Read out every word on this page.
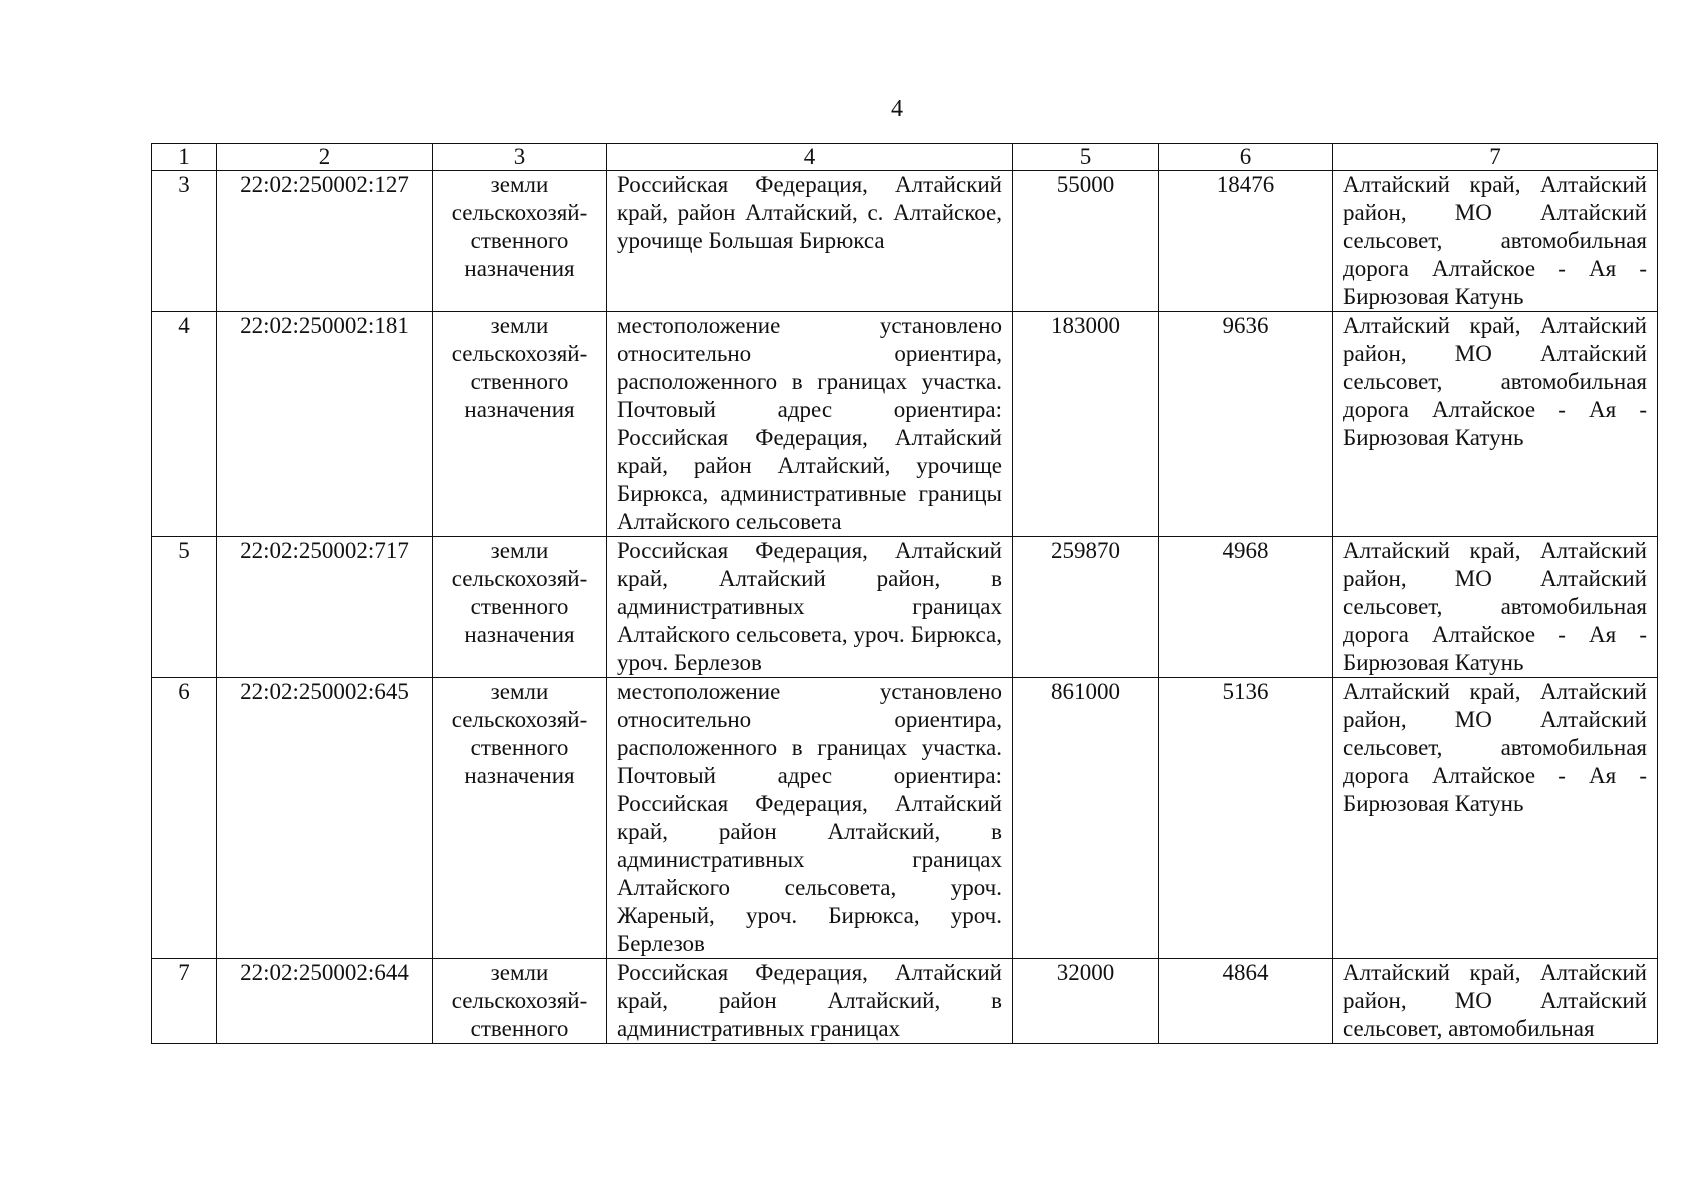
4
1	2	3	4	5	6	7
3	22:02:250002:127	земли сельскохозяй-ственного назначения	Российская Федерация, Алтайский край, район Алтайский, с. Алтайское, урочище Большая Бирюкса	55000	18476	Алтайский край, Алтайский район, МО Алтайский сельсовет, автомобильная дорога Алтайское - Ая - Бирюзовая Катунь
4	22:02:250002:181	земли сельскохозяй-ственного назначения	местоположение установлено относительно ориентира, расположенного в границах участка. Почтовый адрес ориентира: Российская Федерация, Алтайский край, район Алтайский, урочище Бирюкса, административные границы Алтайского сельсовета	183000	9636	Алтайский край, Алтайский район, МО Алтайский сельсовет, автомобильная дорога Алтайское - Ая - Бирюзовая Катунь
5	22:02:250002:717	земли сельскохозяй-ственного назначения	Российская Федерация, Алтайский край, Алтайский район, в административных границах Алтайского сельсовета, уроч. Бирюкса, уроч. Берлезов	259870	4968	Алтайский край, Алтайский район, МО Алтайский сельсовет, автомобильная дорога Алтайское - Ая - Бирюзовая Катунь
6	22:02:250002:645	земли сельскохозяй-ственного назначения	местоположение установлено относительно ориентира, расположенного в границах участка. Почтовый адрес ориентира: Российская Федерация, Алтайский край, район Алтайский, в административных границах Алтайского сельсовета, уроч. Жареный, уроч. Бирюкса, уроч. Берлезов	861000	5136	Алтайский край, Алтайский район, МО Алтайский сельсовет, автомобильная дорога Алтайское - Ая - Бирюзовая Катунь
7	22:02:250002:644	земли сельскохозяй-ственного	Российская Федерация, Алтайский край, район Алтайский, в административных границах	32000	4864	Алтайский край, Алтайский район, МО Алтайский сельсовет, автомобильная
